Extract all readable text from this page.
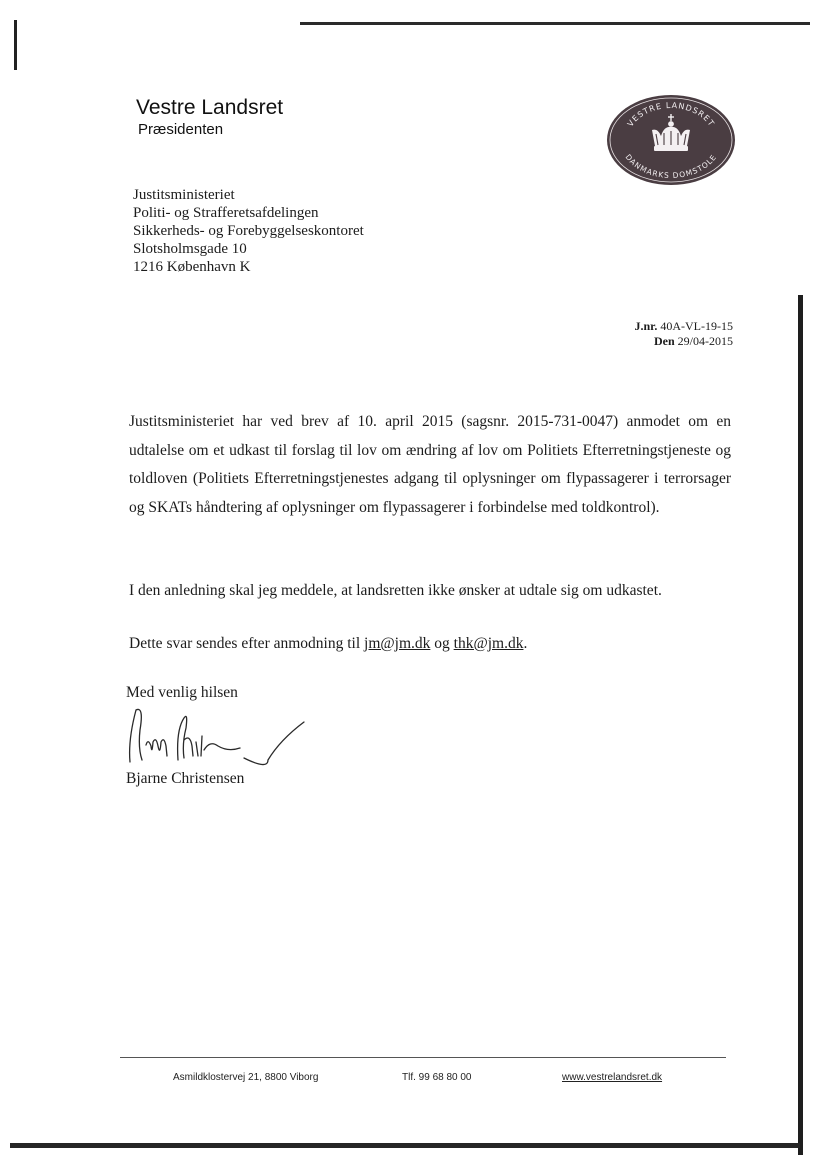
Vestre Landsret
Præsidenten	VESTRE LANDSRET
DANMARKS DOMSTOLE
Justitsministeriet
Politi- og Strafferetsafdelingen
Sikkerheds- og Forebyggelseskontoret
Slotsholmsgade 10
1216 København K
J.nr. 40A-VL-19-15
Den 29/04-2015

Justitsministeriet har ved brev af 10. april 2015 (sagsnr. 2015-731-0047) anmodet om en udtalelse om et udkast til forslag til lov om ændring af lov om Politiets Efterretningstjeneste og toldloven (Politiets Efterretningstjenestes adgang til oplysninger om flypassagerer i terrorsager og SKATs håndtering af oplysninger om flypassagerer i forbindelse med toldkontrol).

I den anledning skal jeg meddele, at landsretten ikke ønsker at udtale sig om udkastet.

Dette svar sendes efter anmodning til jm@jm.dk og thk@jm.dk.

Med venlig hilsen
Bjarne Christensen
Asmildklostervej 21, 8800 Viborg	Tlf. 99 68 80 00	www.vestrelandsret.dk
